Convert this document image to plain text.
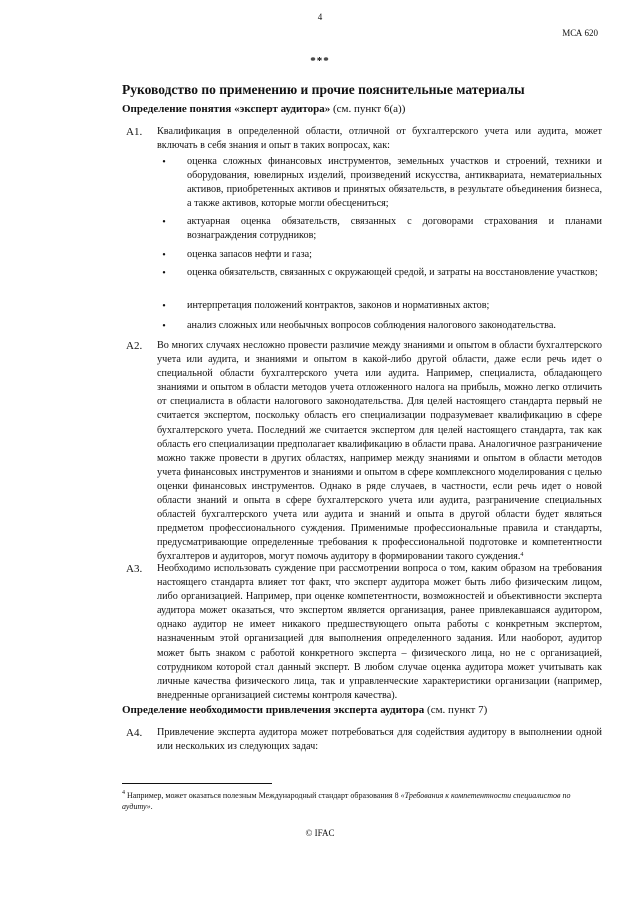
4
МСА 620
***
Руководство по применению и прочие пояснительные материалы
Определение понятия «эксперт аудитора» (см. пункт 6(a))
A1. Квалификация в определенной области, отличной от бухгалтерского учета или аудита, может включать в себя знания и опыт в таких вопросах, как:
•	оценка сложных финансовых инструментов, земельных участков и строений, техники и оборудования, ювелирных изделий, произведений искусства, антиквариата, нематериальных активов, приобретенных активов и принятых обязательств, в результате объединения бизнеса, а также активов, которые могли обесцениться;
•	актуарная оценка обязательств, связанных с договорами страхования и планами вознаграждения сотрудников;
•	оценка запасов нефти и газа;
•	оценка обязательств, связанных с окружающей средой, и затраты на восстановление участков;
•	интерпретация положений контрактов, законов и нормативных актов;
•	анализ сложных или необычных вопросов соблюдения налогового законодательства.
A2. Во многих случаях несложно провести различие между знаниями и опытом в области бухгалтерского учета или аудита, и знаниями и опытом в какой-либо другой области, даже если речь идет о специальной области бухгалтерского учета или аудита. Например, специалиста, обладающего знаниями и опытом в области методов учета отложенного налога на прибыль, можно легко отличить от специалиста в области налогового законодательства. Для целей настоящего стандарта первый не считается экспертом, поскольку область его специализации подразумевает квалификацию в сфере бухгалтерского учета. Последний же считается экспертом для целей настоящего стандарта, так как область его специализации предполагает квалификацию в области права. Аналогичное разграничение можно также провести в других областях, например между знаниями и опытом в области методов учета финансовых инструментов и знаниями и опытом в сфере комплексного моделирования с целью оценки финансовых инструментов. Однако в ряде случаев, в частности, если речь идет о новой области знаний и опыта в сфере бухгалтерского учета или аудита, разграничение специальных областей бухгалтерского учета или аудита и знаний и опыта в другой области будет являться предметом профессионального суждения. Применимые профессиональные правила и стандарты, предусматривающие определенные требования к профессиональной подготовке и компетентности бухгалтеров и аудиторов, могут помочь аудитору в формировании такого суждения.$^4$
A3. Необходимо использовать суждение при рассмотрении вопроса о том, каким образом на требования настоящего стандарта влияет тот факт, что эксперт аудитора может быть либо физическим лицом, либо организацией. Например, при оценке компетентности, возможностей и объективности эксперта аудитора может оказаться, что экспертом является организация, ранее привлекавшаяся аудитором, однако аудитор не имеет никакого предшествующего опыта работы с конкретным экспертом, назначенным этой организацией для выполнения определенного задания. Или наоборот, аудитор может быть знаком с работой конкретного эксперта – физического лица, но не с организацией, сотрудником которой стал данный эксперт. В любом случае оценка аудитора может учитывать как личные качества физического лица, так и управленческие характеристики организации (например, внедренные организацией системы контроля качества).
Определение необходимости привлечения эксперта аудитора (см. пункт 7)
A4. Привлечение эксперта аудитора может потребоваться для содействия аудитору в выполнении одной или нескольких из следующих задач:
$^4$ Например, может оказаться полезным Международный стандарт образования 8 «Требования к компетентности специалистов по аудиту».
© IFAC
